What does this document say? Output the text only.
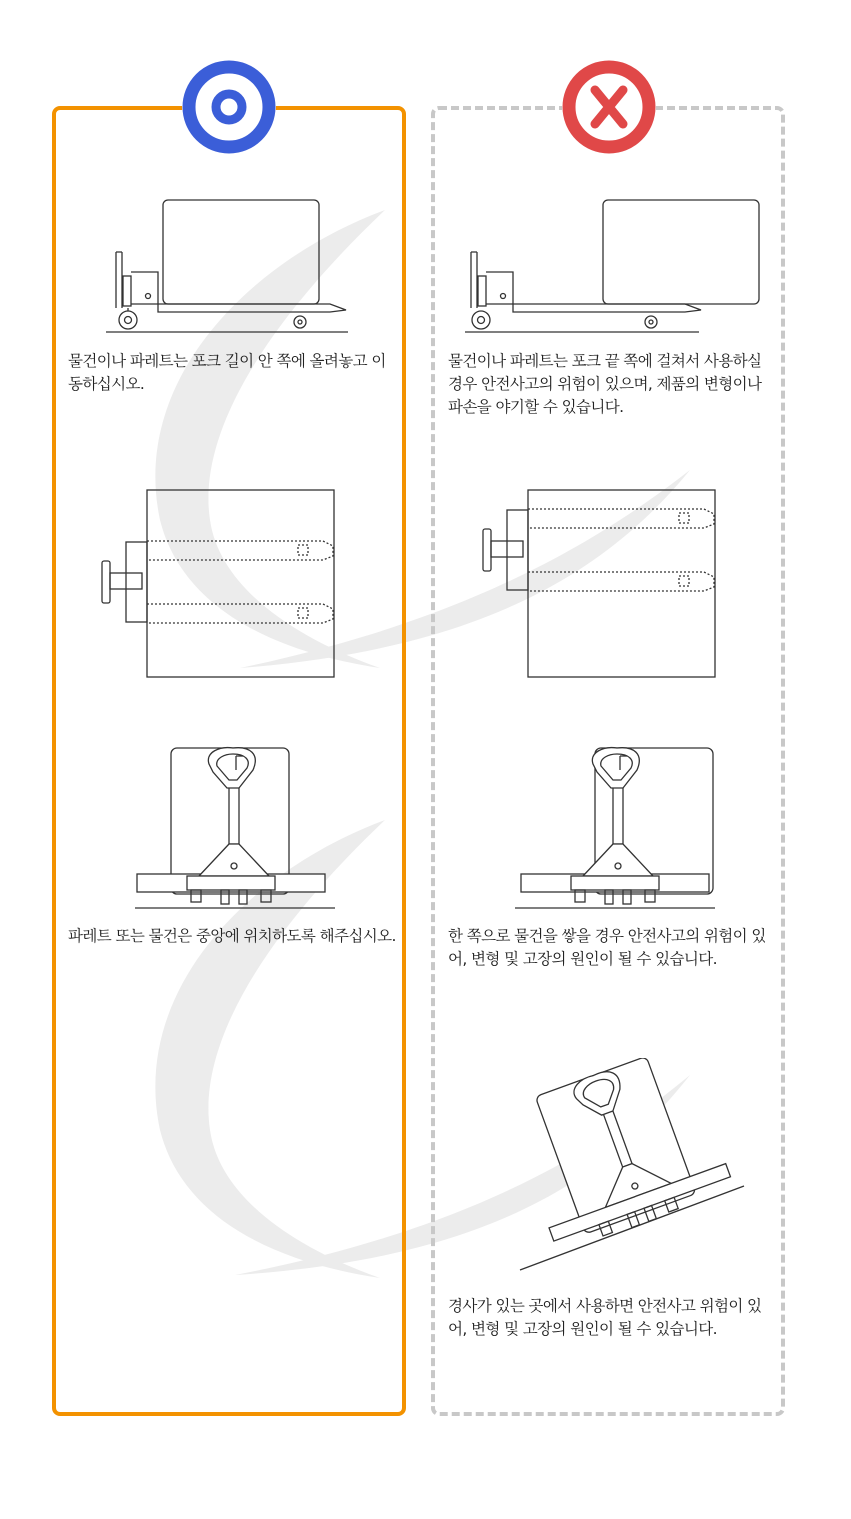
물건이나 파레트는 포크 길이 안 쪽에 올려놓고 이동하십시오.

파레트 또는 물건은 중앙에 위치하도록 해주십시오.

물건이나 파레트는 포크 끝 쪽에 걸쳐서 사용하실 경우 안전사고의 위험이 있으며, 제품의 변형이나 파손을 야기할 수 있습니다.

한 쪽으로 물건을 쌓을 경우 안전사고의 위험이 있어, 변형 및 고장의 원인이 될 수 있습니다.

경사가 있는 곳에서 사용하면 안전사고 위험이 있어, 변형 및 고장의 원인이 될 수 있습니다.
